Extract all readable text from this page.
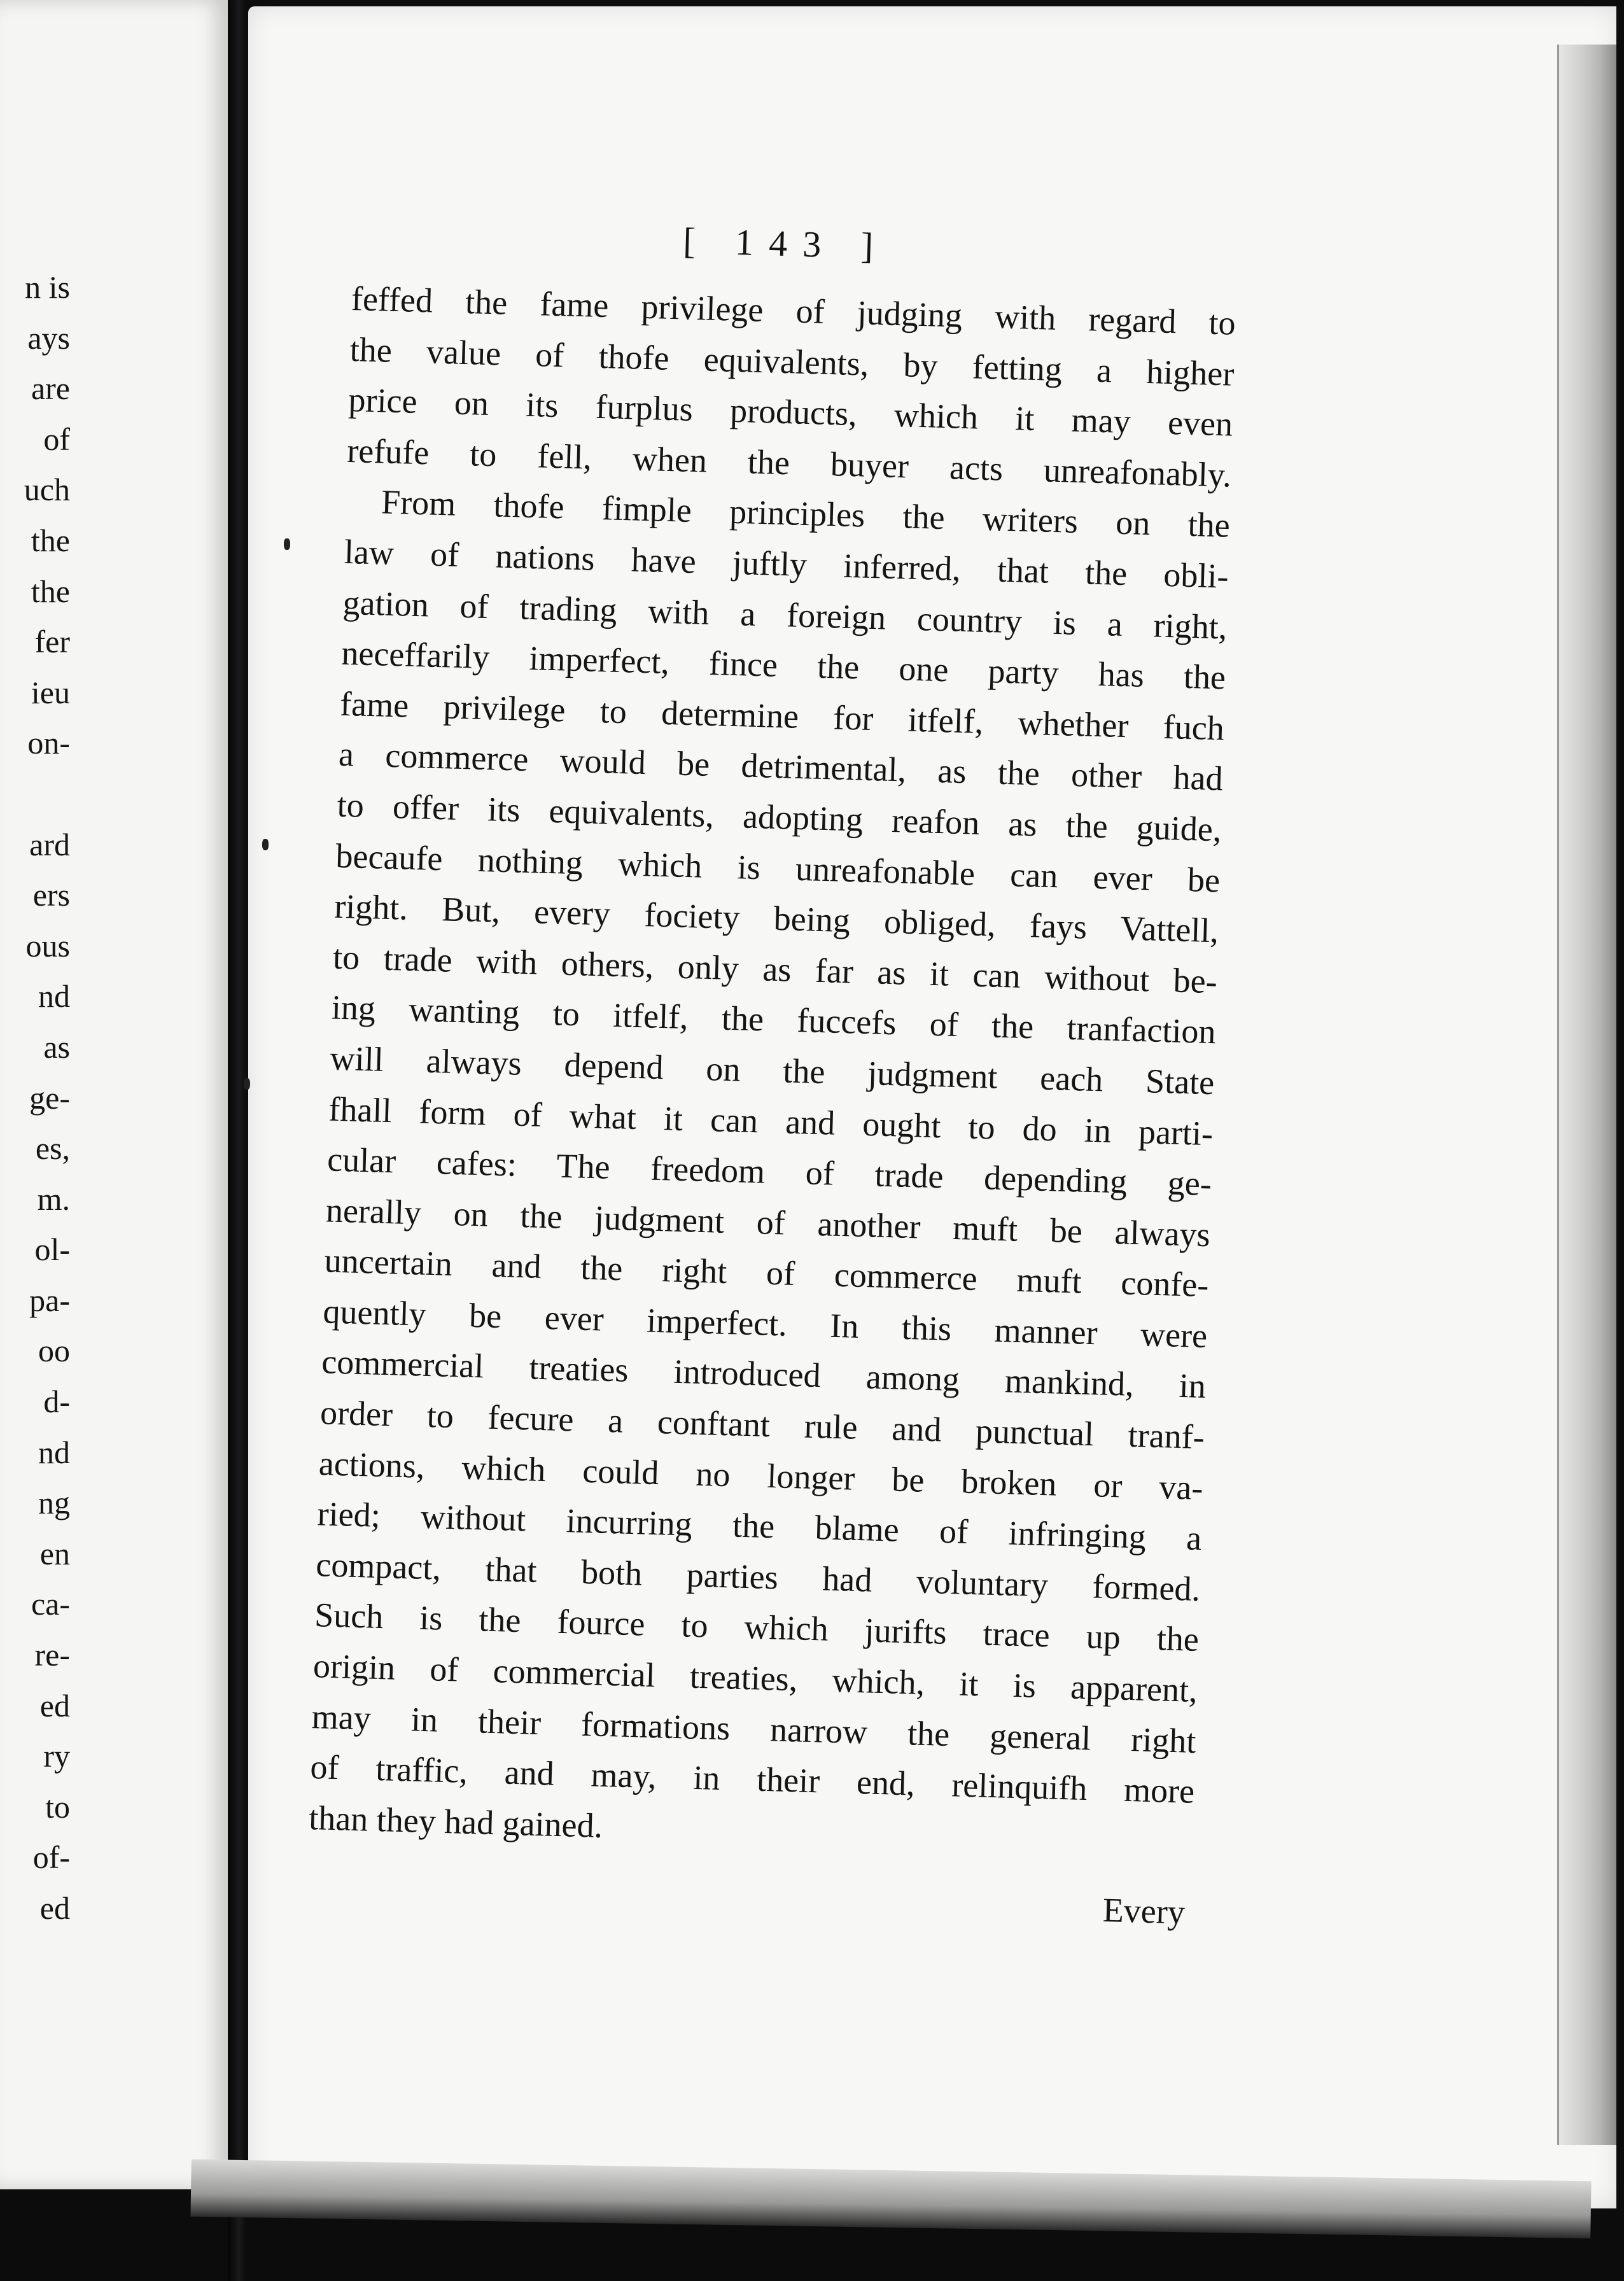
n is
ays
are
of
uch
the
the
fer
ieu
on-
ard
ers
ous
nd
as
ge-
es,
m.
ol-
pa-
oo
d-
nd
ng
en
ca-
re-
ed
ry
to
of-
ed
[ 143 ]
feffed the fame privilege of judging with regard to
the value of thofe equivalents, by fetting a higher
price on its furplus products, which it may even
refufe to fell, when the buyer acts unreafonably.
From thofe fimple principles the writers on the
law of nations have juftly inferred, that the obli-
gation of trading with a foreign country is a right,
neceffarily imperfect, fince the one party has the
fame privilege to determine for itfelf, whether fuch
a commerce would be detrimental, as the other had
to offer its equivalents, adopting reafon as the guide,
becaufe nothing which is unreafonable can ever be
right. But, every fociety being obliged, fays Vattell,
to trade with others, only as far as it can without be-
ing wanting to itfelf, the fuccefs of the tranfaction
will always depend on the judgment each State
fhall form of what it can and ought to do in parti-
cular cafes: The freedom of trade depending ge-
nerally on the judgment of another muft be always
uncertain and the right of commerce muft confe-
quently be ever imperfect. In this manner were
commercial treaties introduced among mankind, in
order to fecure a conftant rule and punctual tranf-
actions, which could no longer be broken or va-
ried; without incurring the blame of infringing a
compact, that both parties had voluntary formed.
Such is the fource to which jurifts trace up the
origin of commercial treaties, which, it is apparent,
may in their formations narrow the general right
of traffic, and may, in their end, relinquifh more
than they had gained.
Every
